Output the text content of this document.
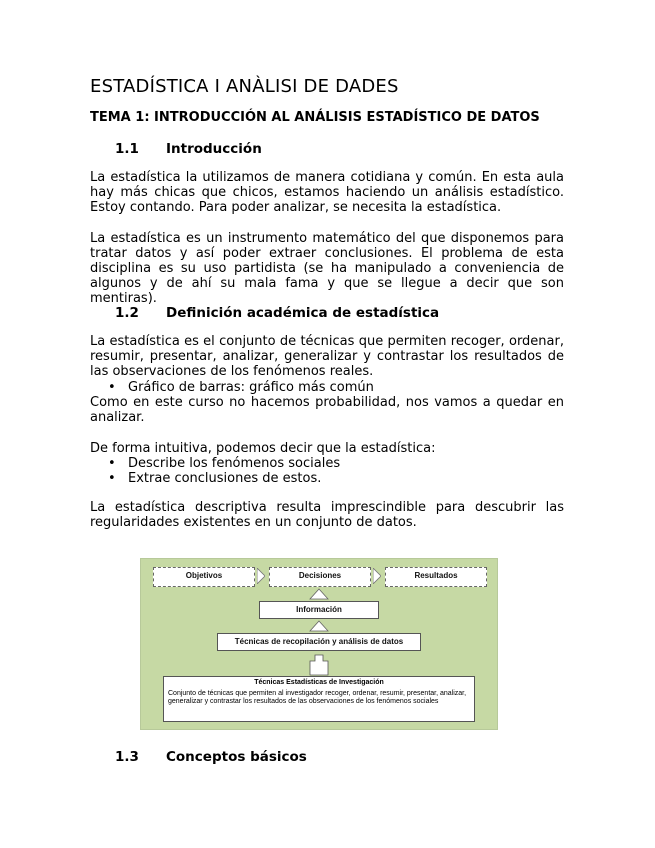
ESTADÍSTICA I ANÀLISI DE DADES
TEMA 1: INTRODUCCIÓN AL ANÁLISIS ESTADÍSTICO DE DATOS
1.1 Introducción

La estadística la utilizamos de manera cotidiana y común. En esta aula hay más chicas que chicos, estamos haciendo un análisis estadístico. Estoy contando. Para poder analizar, se necesita la estadística.

La estadística es un instrumento matemático del que disponemos para tratar datos y así poder extraer conclusiones. El problema de esta disciplina es su uso partidista (se ha manipulado a conveniencia de algunos y de ahí su mala fama y que se llegue a decir que son mentiras).

1.2 Definición académica de estadística

La estadística es el conjunto de técnicas que permiten recoger, ordenar, resumir, presentar, analizar, generalizar y contrastar los resultados de las observaciones de los fenómenos reales.

• Gráfico de barras: gráfico más común

Como en este curso no hacemos probabilidad, nos vamos a quedar en analizar.

De forma intuitiva, podemos decir que la estadística:

• Describe los fenómenos sociales
• Extrae conclusiones de estos.

La estadística descriptiva resulta imprescindible para descubrir las regularidades existentes en un conjunto de datos.

1.3 Conceptos básicos
Objetivos	Decisiones	Resultados
Información
Técnicas de recopilación y análisis de datos
Técnicas Estadísticas de Investigación
Conjunto de técnicas que permiten al investigador recoger, ordenar, resumir, presentar, analizar, generalizar y contrastar los resultados de las observaciones de los fenómenos sociales
